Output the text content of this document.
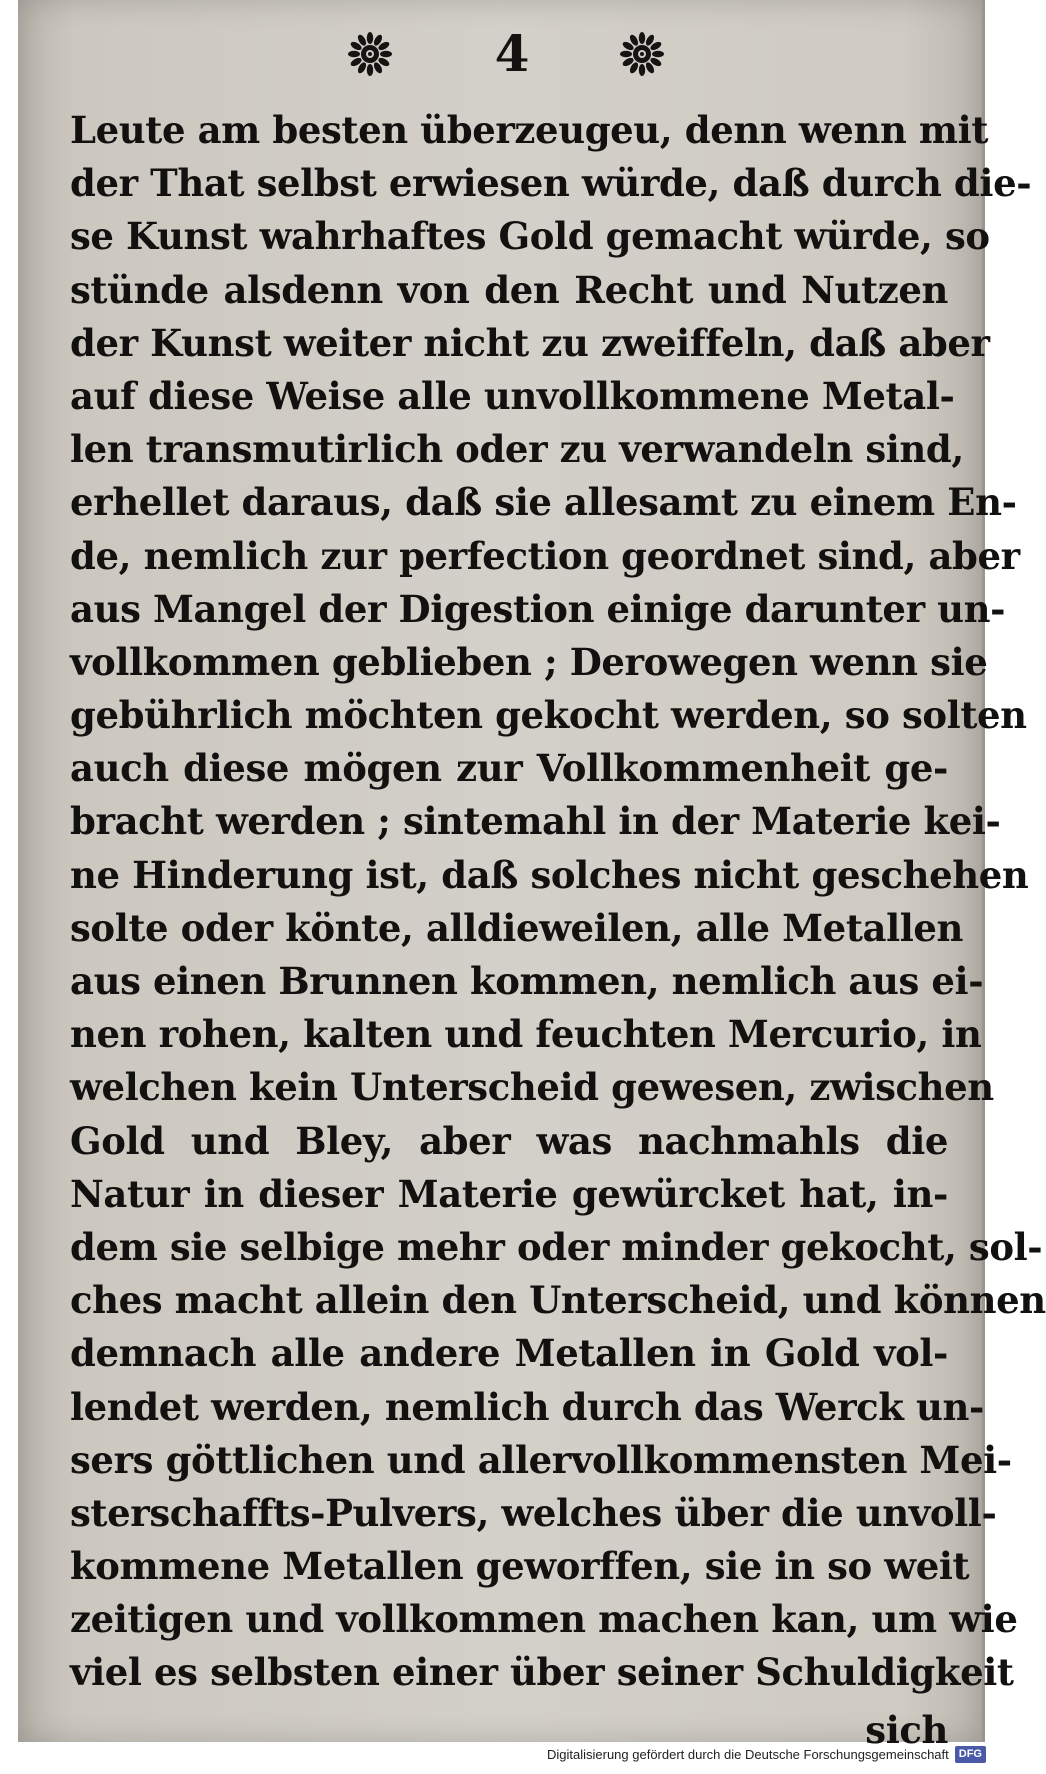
4
Leute am besten überzeugeu, denn wenn mit
der That selbst erwiesen würde, daß durch die-
se Kunst wahrhaftes Gold gemacht würde, so
stünde alsdenn von den Recht und Nutzen
der Kunst weiter nicht zu zweiffeln, daß aber
auf diese Weise alle unvollkommene Metal-
len transmutirlich oder zu verwandeln sind,
erhellet daraus, daß sie allesamt zu einem En-
de, nemlich zur perfection geordnet sind, aber
aus Mangel der Digestion einige darunter un-
vollkommen geblieben ; Derowegen wenn sie
gebührlich möchten gekocht werden, so solten
auch diese mögen zur Vollkommenheit ge-
bracht werden ; sintemahl in der Materie kei-
ne Hinderung ist, daß solches nicht geschehen
solte oder könte, alldieweilen, alle Metallen
aus einen Brunnen kommen, nemlich aus ei-
nen rohen, kalten und feuchten Mercurio, in
welchen kein Unterscheid gewesen, zwischen
Gold und Bley, aber was nachmahls die
Natur in dieser Materie gewürcket hat, in-
dem sie selbige mehr oder minder gekocht, sol-
ches macht allein den Unterscheid, und können
demnach alle andere Metallen in Gold vol-
lendet werden, nemlich durch das Werck un-
sers göttlichen und allervollkommensten Mei-
sterschaffts-Pulvers, welches über die unvoll-
kommene Metallen geworffen, sie in so weit
zeitigen und vollkommen machen kan, um wie
viel es selbsten einer über seiner Schuldigkeit
sich
Digitalisierung gefördert durch die Deutsche Forschungsgemeinschaft DFG
